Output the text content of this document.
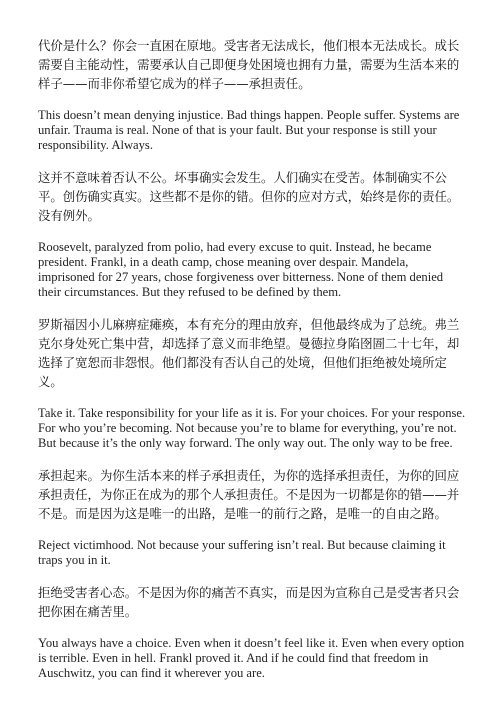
代价是什么？你会一直困在原地。受害者无法成长，他们根本无法成长。成长需要自主能动性，需要承认自己即便身处困境也拥有力量，需要为生活本来的样子——而非你希望它成为的样子——承担责任。

This doesn’t mean denying injustice. Bad things happen. People suffer. Systems are unfair. Trauma is real. None of that is your fault. But your response is still your responsibility. Always.

这并不意味着否认不公。坏事确实会发生。人们确实在受苦。体制确实不公平。创伤确实真实。这些都不是你的错。但你的应对方式，始终是你的责任。没有例外。

Roosevelt, paralyzed from polio, had every excuse to quit. Instead, he became president. Frankl, in a death camp, chose meaning over despair. Mandela, imprisoned for 27 years, chose forgiveness over bitterness. None of them denied their circumstances. But they refused to be defined by them.

罗斯福因小儿麻痹症瘫痪，本有充分的理由放弃，但他最终成为了总统。弗兰克尔身处死亡集中营，却选择了意义而非绝望。曼德拉身陷囹圄二十七年，却选择了宽恕而非怨恨。他们都没有否认自己的处境，但他们拒绝被处境所定义。

Take it. Take responsibility for your life as it is. For your choices. For your response. For who you’re becoming. Not because you’re to blame for everything, you’re not. But because it’s the only way forward. The only way out. The only way to be free.

承担起来。为你生活本来的样子承担责任，为你的选择承担责任，为你的回应承担责任，为你正在成为的那个人承担责任。不是因为一切都是你的错——并不是。而是因为这是唯一的出路，是唯一的前行之路，是唯一的自由之路。

Reject victimhood. Not because your suffering isn’t real. But because claiming it traps you in it.

拒绝受害者心态。不是因为你的痛苦不真实，而是因为宣称自己是受害者只会把你困在痛苦里。

You always have a choice. Even when it doesn’t feel like it. Even when every option is terrible. Even in hell. Frankl proved it. And if he could find that freedom in Auschwitz, you can find it wherever you are.
